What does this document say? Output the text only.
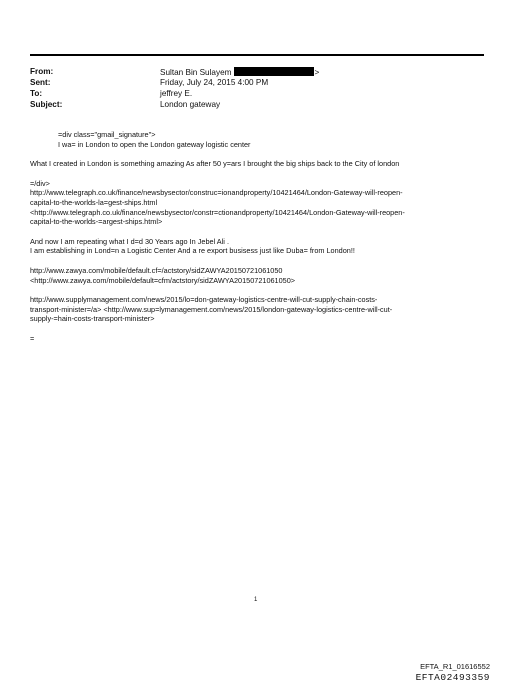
From:	Sultan Bin Sulayem	>
Sent:	Friday, July 24, 2015 4:00 PM
To:	jeffrey E.
Subject:	London gateway

=div class="gmail_signature">
I wa= in London to open the London gateway logistic center

What I created in London is something amazing As after 50 y=ars I brought the big ships back to the City of london

=/div>
http://www.telegraph.co.uk/finance/newsbysector/construc=ionandproperty/10421464/London-Gateway-will-reopen-
capital-to-the-worlds-la=gest-ships.html
<http://www.telegraph.co.uk/finance/newsbysector/constr=ctionandproperty/10421464/London-Gateway-will-reopen-
capital-to-the-worlds-=argest-ships.html>

And now I am repeating what I d=d 30 Years ago In Jebel Ali .
I am establishing in Lond=n a Logistic Center And a re export busisess just like Duba= from London!!

http://www.zawya.com/mobile/default.cf=/actstory/sidZAWYA20150721061050
<http://www.zawya.com/mobile/default=cfm/actstory/sidZAWYA20150721061050>

http://www.supplymanagement.com/news/2015/lo=don-gateway-logistics-centre-will-cut-supply-chain-costs-
transport-minister=/a> <http://www.sup=lymanagement.com/news/2015/london-gateway-logistics-centre-will-cut-
supply-=hain-costs-transport-minister>

=

1
EFTA_R1_01616552
EFTA02493359
